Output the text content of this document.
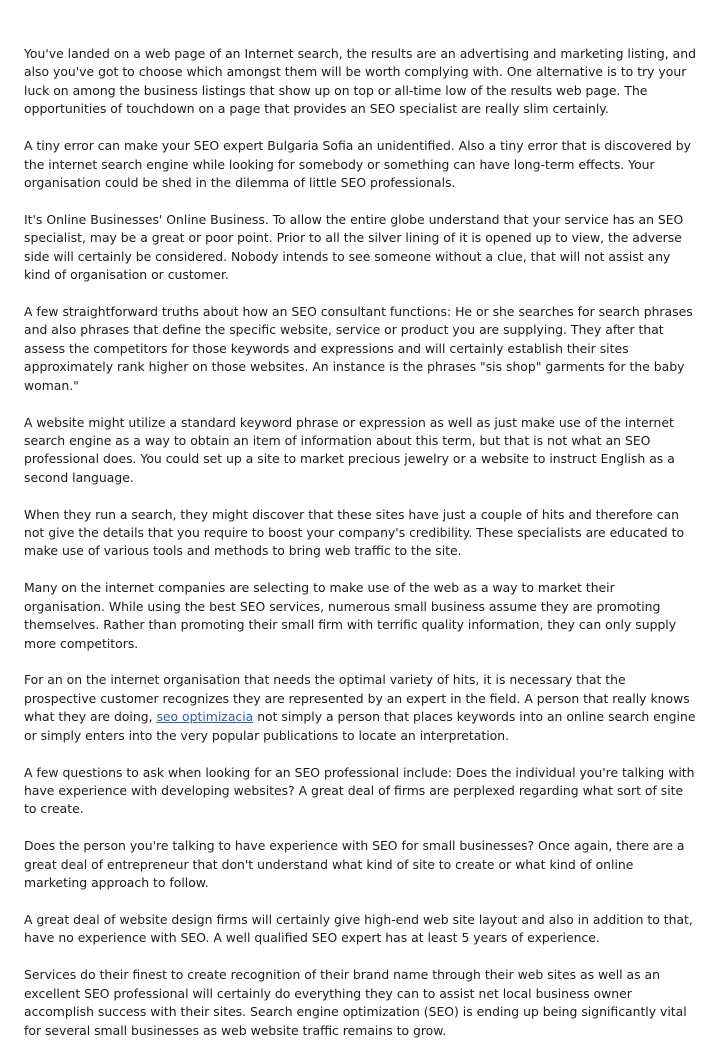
You've landed on a web page of an Internet search, the results are an advertising and marketing listing, and also you've got to choose which amongst them will be worth complying with. One alternative is to try your luck on among the business listings that show up on top or all-time low of the results web page. The opportunities of touchdown on a page that provides an SEO specialist are really slim certainly.

A tiny error can make your SEO expert Bulgaria Sofia an unidentified. Also a tiny error that is discovered by the internet search engine while looking for somebody or something can have long-term effects. Your organisation could be shed in the dilemma of little SEO professionals.

It's Online Businesses' Online Business. To allow the entire globe understand that your service has an SEO specialist, may be a great or poor point. Prior to all the silver lining of it is opened up to view, the adverse side will certainly be considered. Nobody intends to see someone without a clue, that will not assist any kind of organisation or customer.

A few straightforward truths about how an SEO consultant functions: He or she searches for search phrases and also phrases that define the specific website, service or product you are supplying. They after that assess the competitors for those keywords and expressions and will certainly establish their sites approximately rank higher on those websites. An instance is the phrases "sis shop" garments for the baby woman."

A website might utilize a standard keyword phrase or expression as well as just make use of the internet search engine as a way to obtain an item of information about this term, but that is not what an SEO professional does. You could set up a site to market precious jewelry or a website to instruct English as a second language.

When they run a search, they might discover that these sites have just a couple of hits and therefore can not give the details that you require to boost your company's credibility. These specialists are educated to make use of various tools and methods to bring web traffic to the site.

Many on the internet companies are selecting to make use of the web as a way to market their organisation. While using the best SEO services, numerous small business assume they are promoting themselves. Rather than promoting their small firm with terrific quality information, they can only supply more competitors.

For an on the internet organisation that needs the optimal variety of hits, it is necessary that the prospective customer recognizes they are represented by an expert in the field. A person that really knows what they are doing, seo optimizacia not simply a person that places keywords into an online search engine or simply enters into the very popular publications to locate an interpretation.

A few questions to ask when looking for an SEO professional include: Does the individual you're talking with have experience with developing websites? A great deal of firms are perplexed regarding what sort of site to create.

Does the person you're talking to have experience with SEO for small businesses? Once again, there are a great deal of entrepreneur that don't understand what kind of site to create or what kind of online marketing approach to follow.

A great deal of website design firms will certainly give high-end web site layout and also in addition to that, have no experience with SEO. A well qualified SEO expert has at least 5 years of experience.

Services do their finest to create recognition of their brand name through their web sites as well as an excellent SEO professional will certainly do everything they can to assist net local business owner accomplish success with their sites. Search engine optimization (SEO) is ending up being significantly vital for several small businesses as web website traffic remains to grow.
